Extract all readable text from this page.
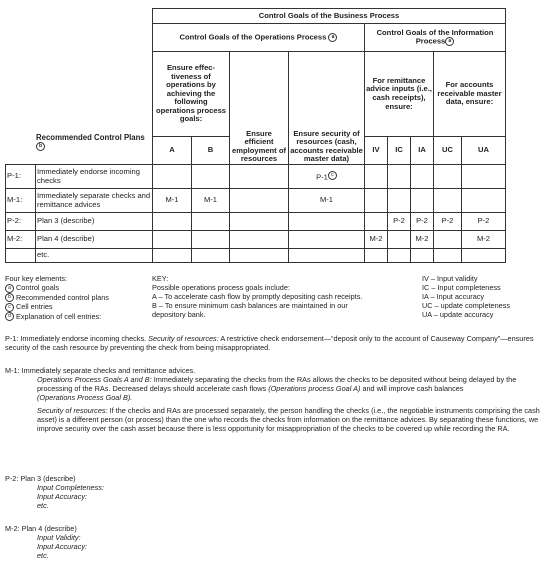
		Control Goals of the Business Process								
		Control Goals of the Operations Process a				Control Goals of the Information Process a				
		Ensure effec-tiveness of operations by achieving the following operations process goals:		Ensure efficient employment of resources	Ensure security of resources (cash, accounts receivable master data)	For remittance advice inputs (i.e., cash receipts), ensure:			For accounts receivable master data, ensure:	
		A	B			IV	IC	IA	UC	UA
P-1:	Immediately endorse incoming checks				P-1 $^c$					
M-1:	Immediately separate checks and remittance advices	M-1	M-1		M-1					
P-2:	Plan 3 (describe)						P-2	P-2	P-2	P-2
M-2:	Plan 4 (describe)					M-2		M-2		M-2
	etc.									
Recommended Control Plans b
Four key elements:
a Control goals
b Recommended control plans
c Cell entries
d Explanation of cell entries:
KEY:
Possible operations process goals include:
A – To accelerate cash flow by promptly depositing cash receipts.
B – To ensure minimum cash balances are maintained in our
depository bank.
IV – Input validity
IC – Input completeness
IA – Input accuracy
UC – update completeness
UA – update accuracy
P-1: Immediately endorse incoming checks. Security of resources: A restrictive check endorsement—“deposit only to the account of Causeway Company”—ensures security of the cash resource by preventing the check from being misappropriated.
M-1: Immediately separate checks and remittance advices.
Operations Process Goals A and B: Immediately separating the checks from the RAs allows the checks to be deposited without being delayed by the processing of the RAs. Decreased delays should accelerate cash flows (Operations process Goal A) and will improve cash balances
(Operations Process Goal B).
Security of resources: If the checks and RAs are processed separately, the person handling the checks (i.e., the negotiable instruments comprising the cash asset) is a different person (or process) than the one who records the checks from information on the remittance advices. By separating these functions, we improve security over the cash asset because there is less opportunity for misappropriation of the checks to be covered up while recording the RA.
P-2: Plan 3 (describe)
Input Completeness:
Input Accuracy:
etc.
M-2: Plan 4 (describe)
Input Validity:
Input Accuracy:
etc.
